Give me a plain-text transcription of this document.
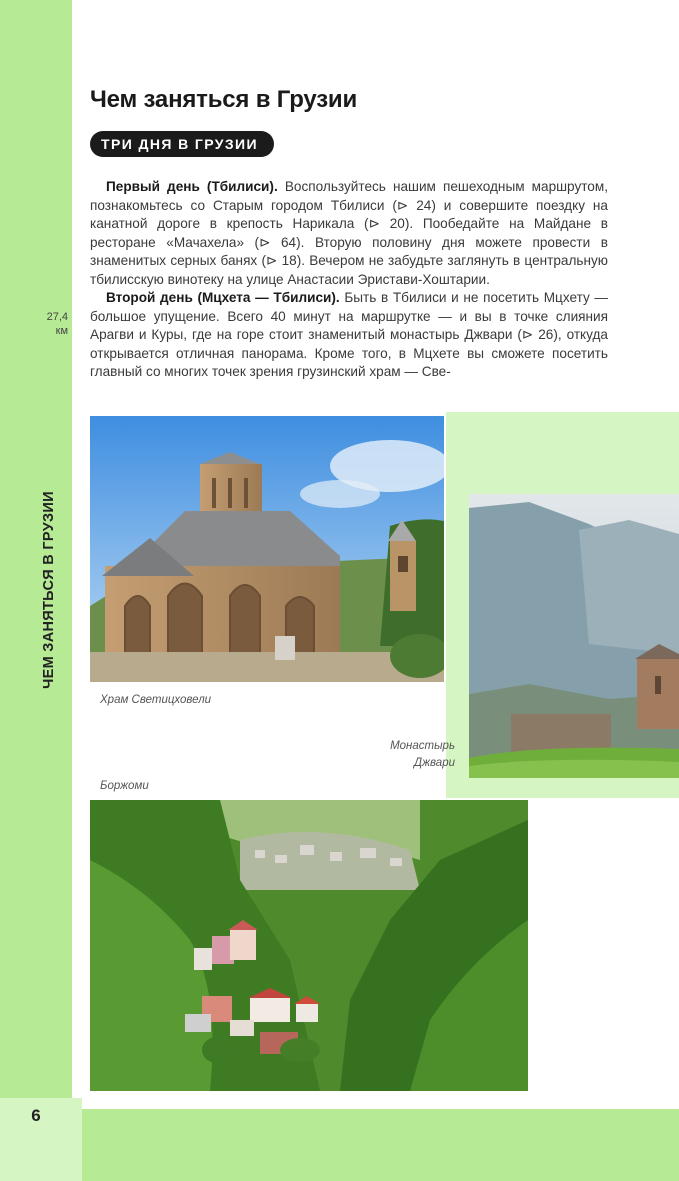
ЧЕМ ЗАНЯТЬСЯ В ГРУЗИИ
27,4
км
6
Чем заняться в Грузии
ТРИ ДНЯ В ГРУЗИИ

Первый день (Тбилиси). Воспользуйтесь нашим пешеходным маршрутом, познакомьтесь со Старым городом Тбилиси (⊳ 24) и совершите поездку на канатной дороге в крепость Нарикала (⊳ 20). Пообедайте на Майдане в ресторане «Мачахела» (⊳ 64). Вторую половину дня можете провести в знаменитых серных банях (⊳ 18). Вечером не забудьте заглянуть в центральную тбилисскую винотеку на улице Анастасии Эристави-Хоштарии.

Второй день (Мцхета — Тбилиси). Быть в Тбилиси и не посетить Мцхету — большое упущение. Всего 40 минут на маршрутке — и вы в точке слияния Арагви и Куры, где на горе стоит знаменитый монастырь Джвари (⊳ 26), откуда открывается отличная панорама. Кроме того, в Мцхете вы сможете посетить главный со многих точек зрения грузинский храм — Све-

Храм Светицховели
Монастырь
Джвари
Боржоми
